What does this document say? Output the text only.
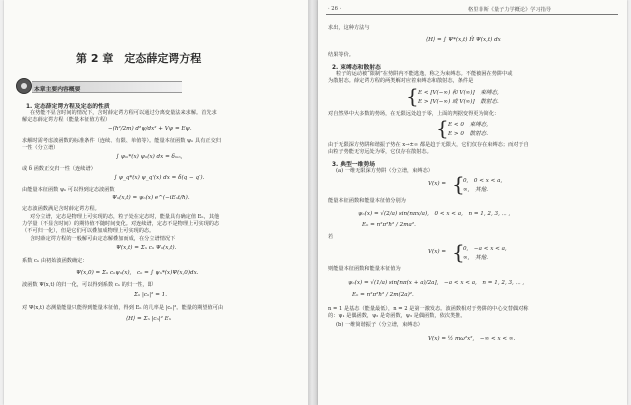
第 2 章　定态薛定谔方程
本章主要内容概要
1. 定态薛定谔方程及定态的性质
在势能不显含时间的情况下，含时薛定谔方程可以通过分离变量法来求解。首先求
解定态薛定谔方程（能量本征值方程）
−(ħ²/2m) d²ψ/dx² + Vψ = Eψ.
求解时需考虑波函数的标准条件（连续、有限、单值等）。能量本征函数 ψₙ 具有正交归
一性（分立谱）
∫ ψₘ*(x) ψₙ(x) dx = δₘₙ,
或 δ 函数正交归一性（连续谱）
∫ ψ_q*(x) ψ_q'(x) dx = δ(q − q′).
由能量本征函数 ψₙ 可以得到定态波函数
Ψₙ(x,t) = ψₙ(x) e^(−iEₙt/ħ).
定态波函数满足含时薛定谔方程。
对分立谱，定态是物理上可实现的态，粒子处在定态时，能量具有确定值 Eₙ，其他
力学量（不显含时间）的期待值不随时间变化。对连续谱，定态不是物理上可实现的态
（不可归一化），但是它们可以叠加成物理上可实现的态。
含时薛定谔方程的一般解可由定态解叠加而成，在分立谱情况下
Ψ(x,t) = Σₙ cₙ Ψₙ(x,t).
系数 cₙ 由初始波函数确定：
Ψ(x,0) = Σₙ cₙψₙ(x),　cₙ = ∫ ψₙ*(x)Ψ(x,0)dx.
波函数 Ψ(x,t) 的归一化，可以得到系数 cₙ 的归一性，即
Σₙ |cₙ|² = 1.
对 Ψ(x,t) 态测量能量只能得到能量本征值，得到 Eₙ 的几率是 |cₙ|²。能量的期望值可由
⟨H⟩ = Σₙ |cₙ|² Eₙ
· 26 ·	格里菲斯《量子力学概论》学习指导
求出，这种方法与
⟨H⟩ = ∫ Ψ*(x,t) Ĥ Ψ(x,t) dx
结果等价。
2. 束缚态和散射态
粒子的运动被“限制”在势阱内不能逃逸，称之为束缚态。不能被困在势阱中或
为散射态。薛定谔方程的两类解对应着束缚态和散射态，条件是
{ E < [V(−∞) 和 V(∞)]　束缚态,
E > [V(−∞) 或 V(∞)]　散射态.
对自然界中大多数的势场，在无限远处趋于零，上面的判据变得更为简化：
{ E < 0　束缚态,
E > 0　散射态.
由于无限深方势阱和谐振子势在 x→±∞ 都是趋于无限大，它们仅存在束缚态；而对于自
由粒子势能无穷远处为零，它仅存在散射态。
3. 典型一维势场
(a) 一维无限深方势阱（分立谱，束缚态）
V(x) = {
0,　0 < x < a,
∞,　其他.
能量本征函数和能量本征值分别为
ψₙ(x) = √(2/a) sin(nπx/a),　0 < x < a,　n = 1, 2, 3, ⋯ ,
Eₙ = n²π²ħ² / 2ma².
若
V(x) = {
0,　−a < x < a,
∞,　其他.
则能量本征函数和能量本征值为
ψₙ(x) = √(1/a) sin[nπ(x + a)/2a],　−a < x < a,　n = 1, 2, 3, ⋯ ,
Eₙ = n²π²ħ² / 2m(2a)².
n = 1 是基态（能量最低），n = 2 是第一激发态。波函数相对于势阱的中心交替偶对称
的：ψ₁ 是偶函数，ψ₂ 是奇函数，ψ₃ 是偶函数，依次类推。
(b) 一维简谐振子（分立谱，束缚态）
V(x) = ½ mω²x²,　−∞ < x < ∞.
